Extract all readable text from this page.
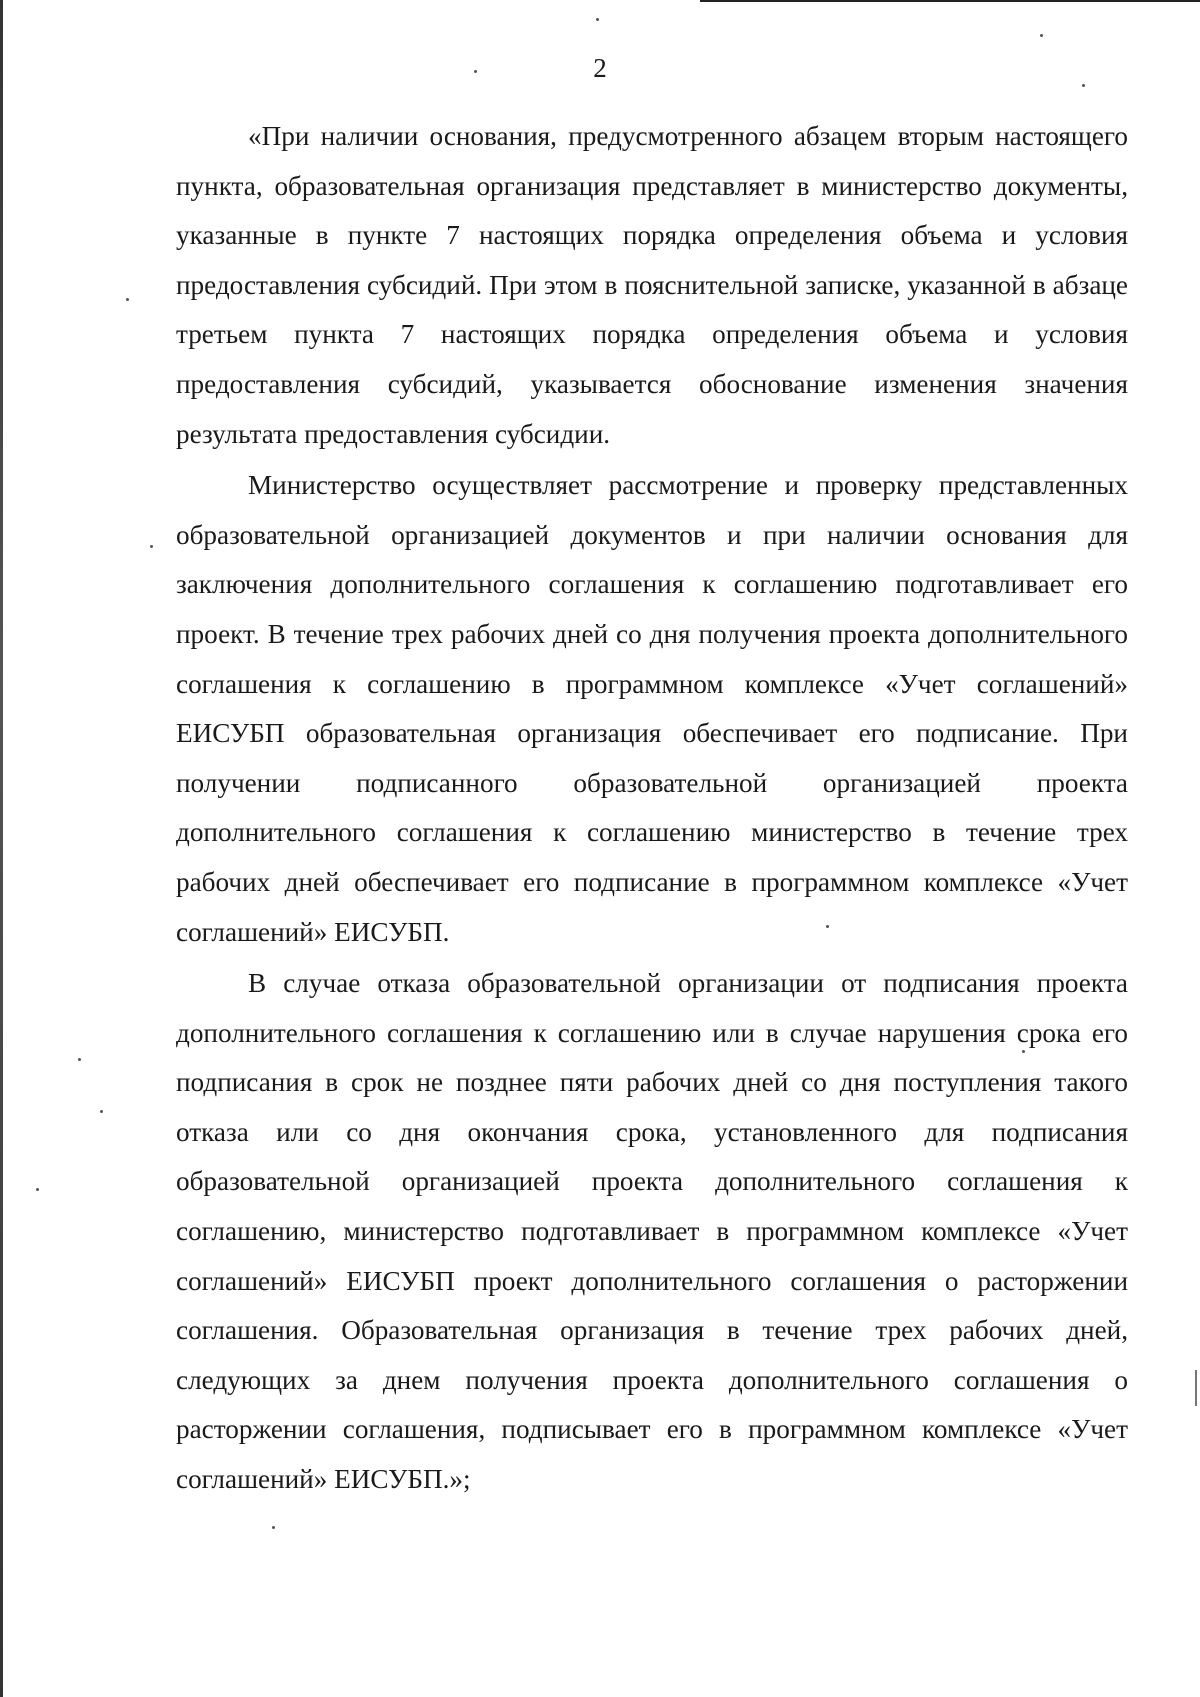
2

«При наличии основания, предусмотренного абзацем вторым настоящего пункта, образовательная организация представляет в министерство документы, указанные в пункте 7 настоящих порядка определения объема и условия предоставления субсидий. При этом в пояснительной записке, указанной в абзаце третьем пункта 7 настоящих порядка определения объема и условия предоставления субсидий, указывается обоснование изменения значения результата предоставления субсидии.

Министерство осуществляет рассмотрение и проверку представленных образовательной организацией документов и при наличии основания для заключения дополнительного соглашения к соглашению подготавливает его проект. В течение трех рабочих дней со дня получения проекта дополнительного соглашения к соглашению в программном комплексе «Учет соглашений» ЕИСУБП образовательная организация обеспечивает его подписание. При получении подписанного образовательной организацией проекта дополнительного соглашения к соглашению министерство в течение трех рабочих дней обеспечивает его подписание в программном комплексе «Учет соглашений» ЕИСУБП.

В случае отказа образовательной организации от подписания проекта дополнительного соглашения к соглашению или в случае нарушения срока его подписания в срок не позднее пяти рабочих дней со дня поступления такого отказа или со дня окончания срока, установленного для подписания образовательной организацией проекта дополнительного соглашения к соглашению, министерство подготавливает в программном комплексе «Учет соглашений» ЕИСУБП проект дополнительного соглашения о расторжении соглашения. Образовательная организация в течение трех рабочих дней, следующих за днем получения проекта дополнительного соглашения о расторжении соглашения, подписывает его в программном комплексе «Учет соглашений» ЕИСУБП.»;
